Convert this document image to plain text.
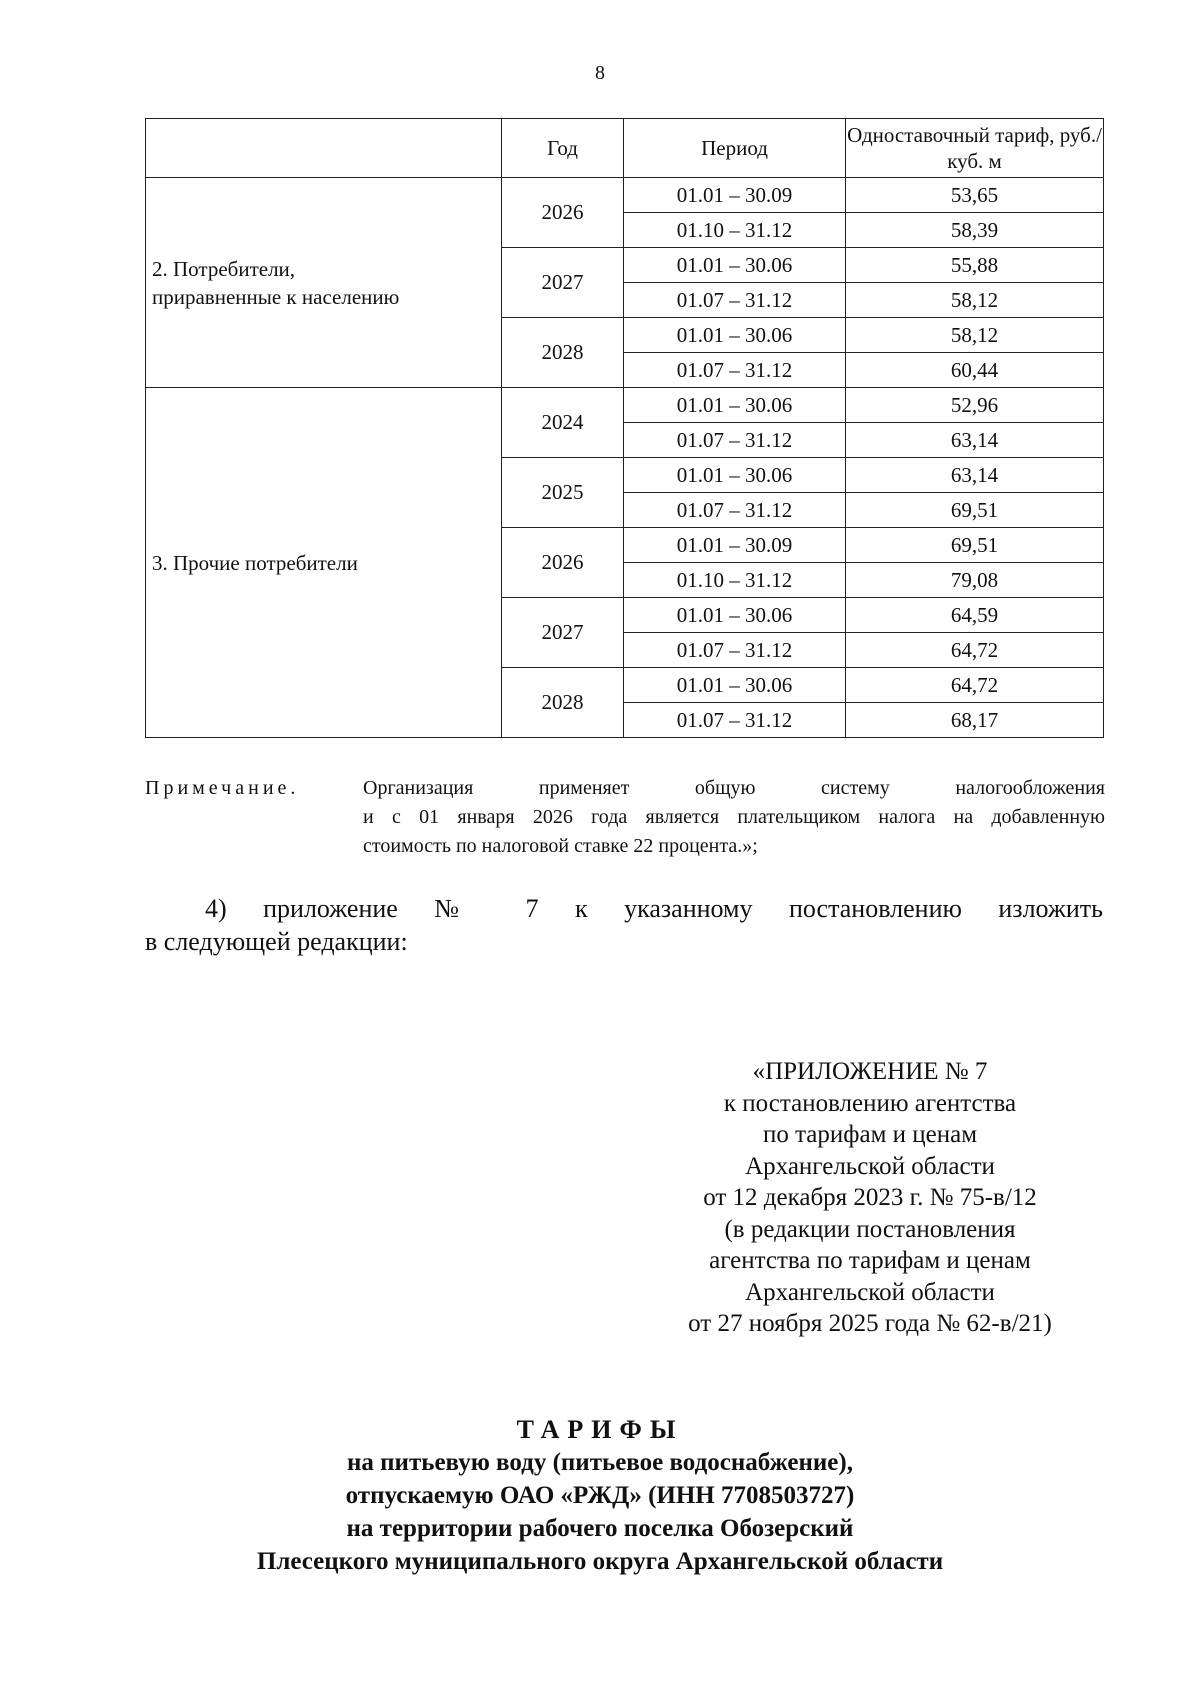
8
	Год	Период	Одноставочный тариф, руб./куб. м

2. Потребители,
приравненные к населению	2026	01.01 – 30.09	53,65
		01.10 – 31.12	58,39
	2027	01.01 – 30.06	55,88
		01.07 – 31.12	58,12
	2028	01.01 – 30.06	58,12
		01.07 – 31.12	60,44

3. Прочие потребители	2024	01.01 – 30.06	52,96
		01.07 – 31.12	63,14
	2025	01.01 – 30.06	63,14
		01.07 – 31.12	69,51
	2026	01.01 – 30.09	69,51
		01.10 – 31.12	79,08
	2027	01.01 – 30.06	64,59
		01.07 – 31.12	64,72
	2028	01.01 – 30.06	64,72
		01.07 – 31.12	68,17
Примечание.	Организация применяет общую систему налогообложения
и с 01 января 2026 года является плательщиком налога на добавленную
стоимость по налоговой ставке 22 процента.»;
4) приложение № 7 к указанному постановлению изложить
в следующей редакции:
«ПРИЛОЖЕНИЕ № 7
к постановлению агентства
по тарифам и ценам
Архангельской области
от 12 декабря 2023 г. № 75-в/12
(в редакции постановления
агентства по тарифам и ценам
Архангельской области
от 27 ноября 2025 года № 62-в/21)
ТАРИФЫ
на питьевую воду (питьевое водоснабжение),
отпускаемую ОАО «РЖД» (ИНН 7708503727)
на территории рабочего поселка Обозерский
Плесецкого муниципального округа Архангельской области
